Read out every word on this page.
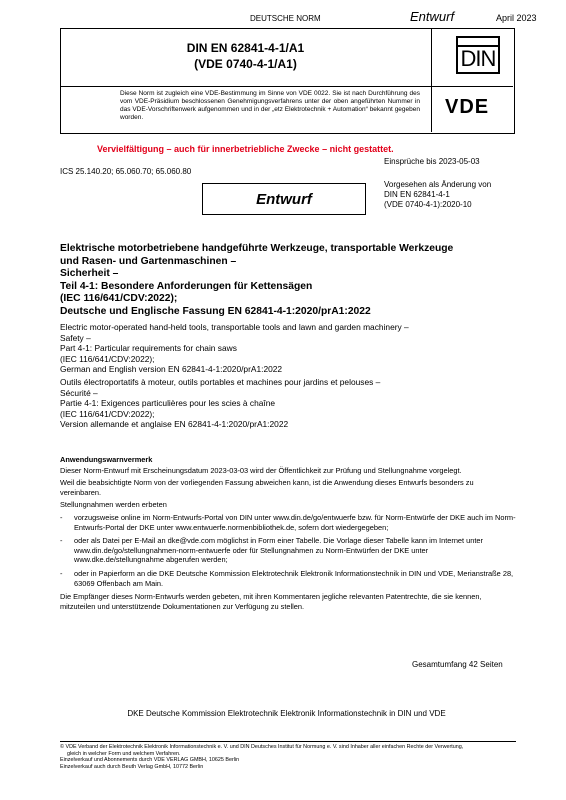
DEUTSCHE NORM	Entwurf	April 2023
DIN EN 62841-4-1/A1
(VDE 0740-4-1/A1)	DIN
Diese Norm ist zugleich eine VDE-Bestimmung im Sinne von VDE 0022. Sie ist nach Durchführung des vom VDE-Präsidium beschlossenen Genehmigungsverfahrens unter der oben angeführten Nummer in das VDE-Vorschriftenwerk aufgenommen und in der „etz Elektrotechnik + Automation“ bekannt gegeben worden.	VDE
Vervielfältigung – auch für innerbetriebliche Zwecke – nicht gestattet.
ICS 25.140.20; 65.060.70; 65.060.80
Einsprüche bis 2023-05-03
Vorgesehen als Änderung von
DIN EN 62841-4-1
(VDE 0740-4-1):2020-10
Entwurf
Elektrische motorbetriebene handgeführte Werkzeuge, transportable Werkzeuge
und Rasen- und Gartenmaschinen –
Sicherheit –
Teil 4-1: Besondere Anforderungen für Kettensägen
(IEC 116/641/CDV:2022);
Deutsche und Englische Fassung EN 62841-4-1:2020/prA1:2022
Electric motor-operated hand-held tools, transportable tools and lawn and garden machinery –
Safety –
Part 4-1: Particular requirements for chain saws
(IEC 116/641/CDV:2022);
German and English version EN 62841-4-1:2020/prA1:2022
Outils électroportatifs à moteur, outils portables et machines pour jardins et pelouses –
Sécurité –
Partie 4-1: Exigences particulières pour les scies à chaîne
(IEC 116/641/CDV:2022);
Version allemande et anglaise EN 62841-4-1:2020/prA1:2022
Anwendungswarnvermerk
Dieser Norm-Entwurf mit Erscheinungsdatum 2023-03-03 wird der Öffentlichkeit zur Prüfung und Stellungnahme vorgelegt.
Weil die beabsichtigte Norm von der vorliegenden Fassung abweichen kann, ist die Anwendung dieses Entwurfs besonders zu vereinbaren.
Stellungnahmen werden erbeten
-	vorzugsweise online im Norm-Entwurfs-Portal von DIN unter www.din.de/go/entwuerfe bzw. für Norm-Entwürfe der DKE auch im Norm-Entwurfs-Portal der DKE unter www.entwuerfe.normenbibliothek.de, sofern dort wiedergegeben;
-	oder als Datei per E-Mail an dke@vde.com möglichst in Form einer Tabelle. Die Vorlage dieser Tabelle kann im Internet unter www.din.de/go/stellungnahmen-norm-entwuerfe oder für Stellungnahmen zu Norm-Entwürfen der DKE unter www.dke.de/stellungnahme abgerufen werden;
-	oder in Papierform an die DKE Deutsche Kommission Elektrotechnik Elektronik Informationstechnik in DIN und VDE, Merianstraße 28, 63069 Offenbach am Main.
Die Empfänger dieses Norm-Entwurfs werden gebeten, mit ihren Kommentaren jegliche relevanten Patentrechte, die sie kennen, mitzuteilen und unterstützende Dokumentationen zur Verfügung zu stellen.
Gesamtumfang 42 Seiten
DKE Deutsche Kommission Elektrotechnik Elektronik Informationstechnik in DIN und VDE
© VDE Verband der Elektrotechnik Elektronik Informationstechnik e. V. und DIN Deutsches Institut für Normung e. V. sind Inhaber aller einfachen Rechte der Verwertung,
gleich in welcher Form und welchem Verfahren.
Einzelverkauf und Abonnements durch VDE VERLAG GMBH, 10625 Berlin
Einzelverkauf auch durch Beuth Verlag GmbH, 10772 Berlin
